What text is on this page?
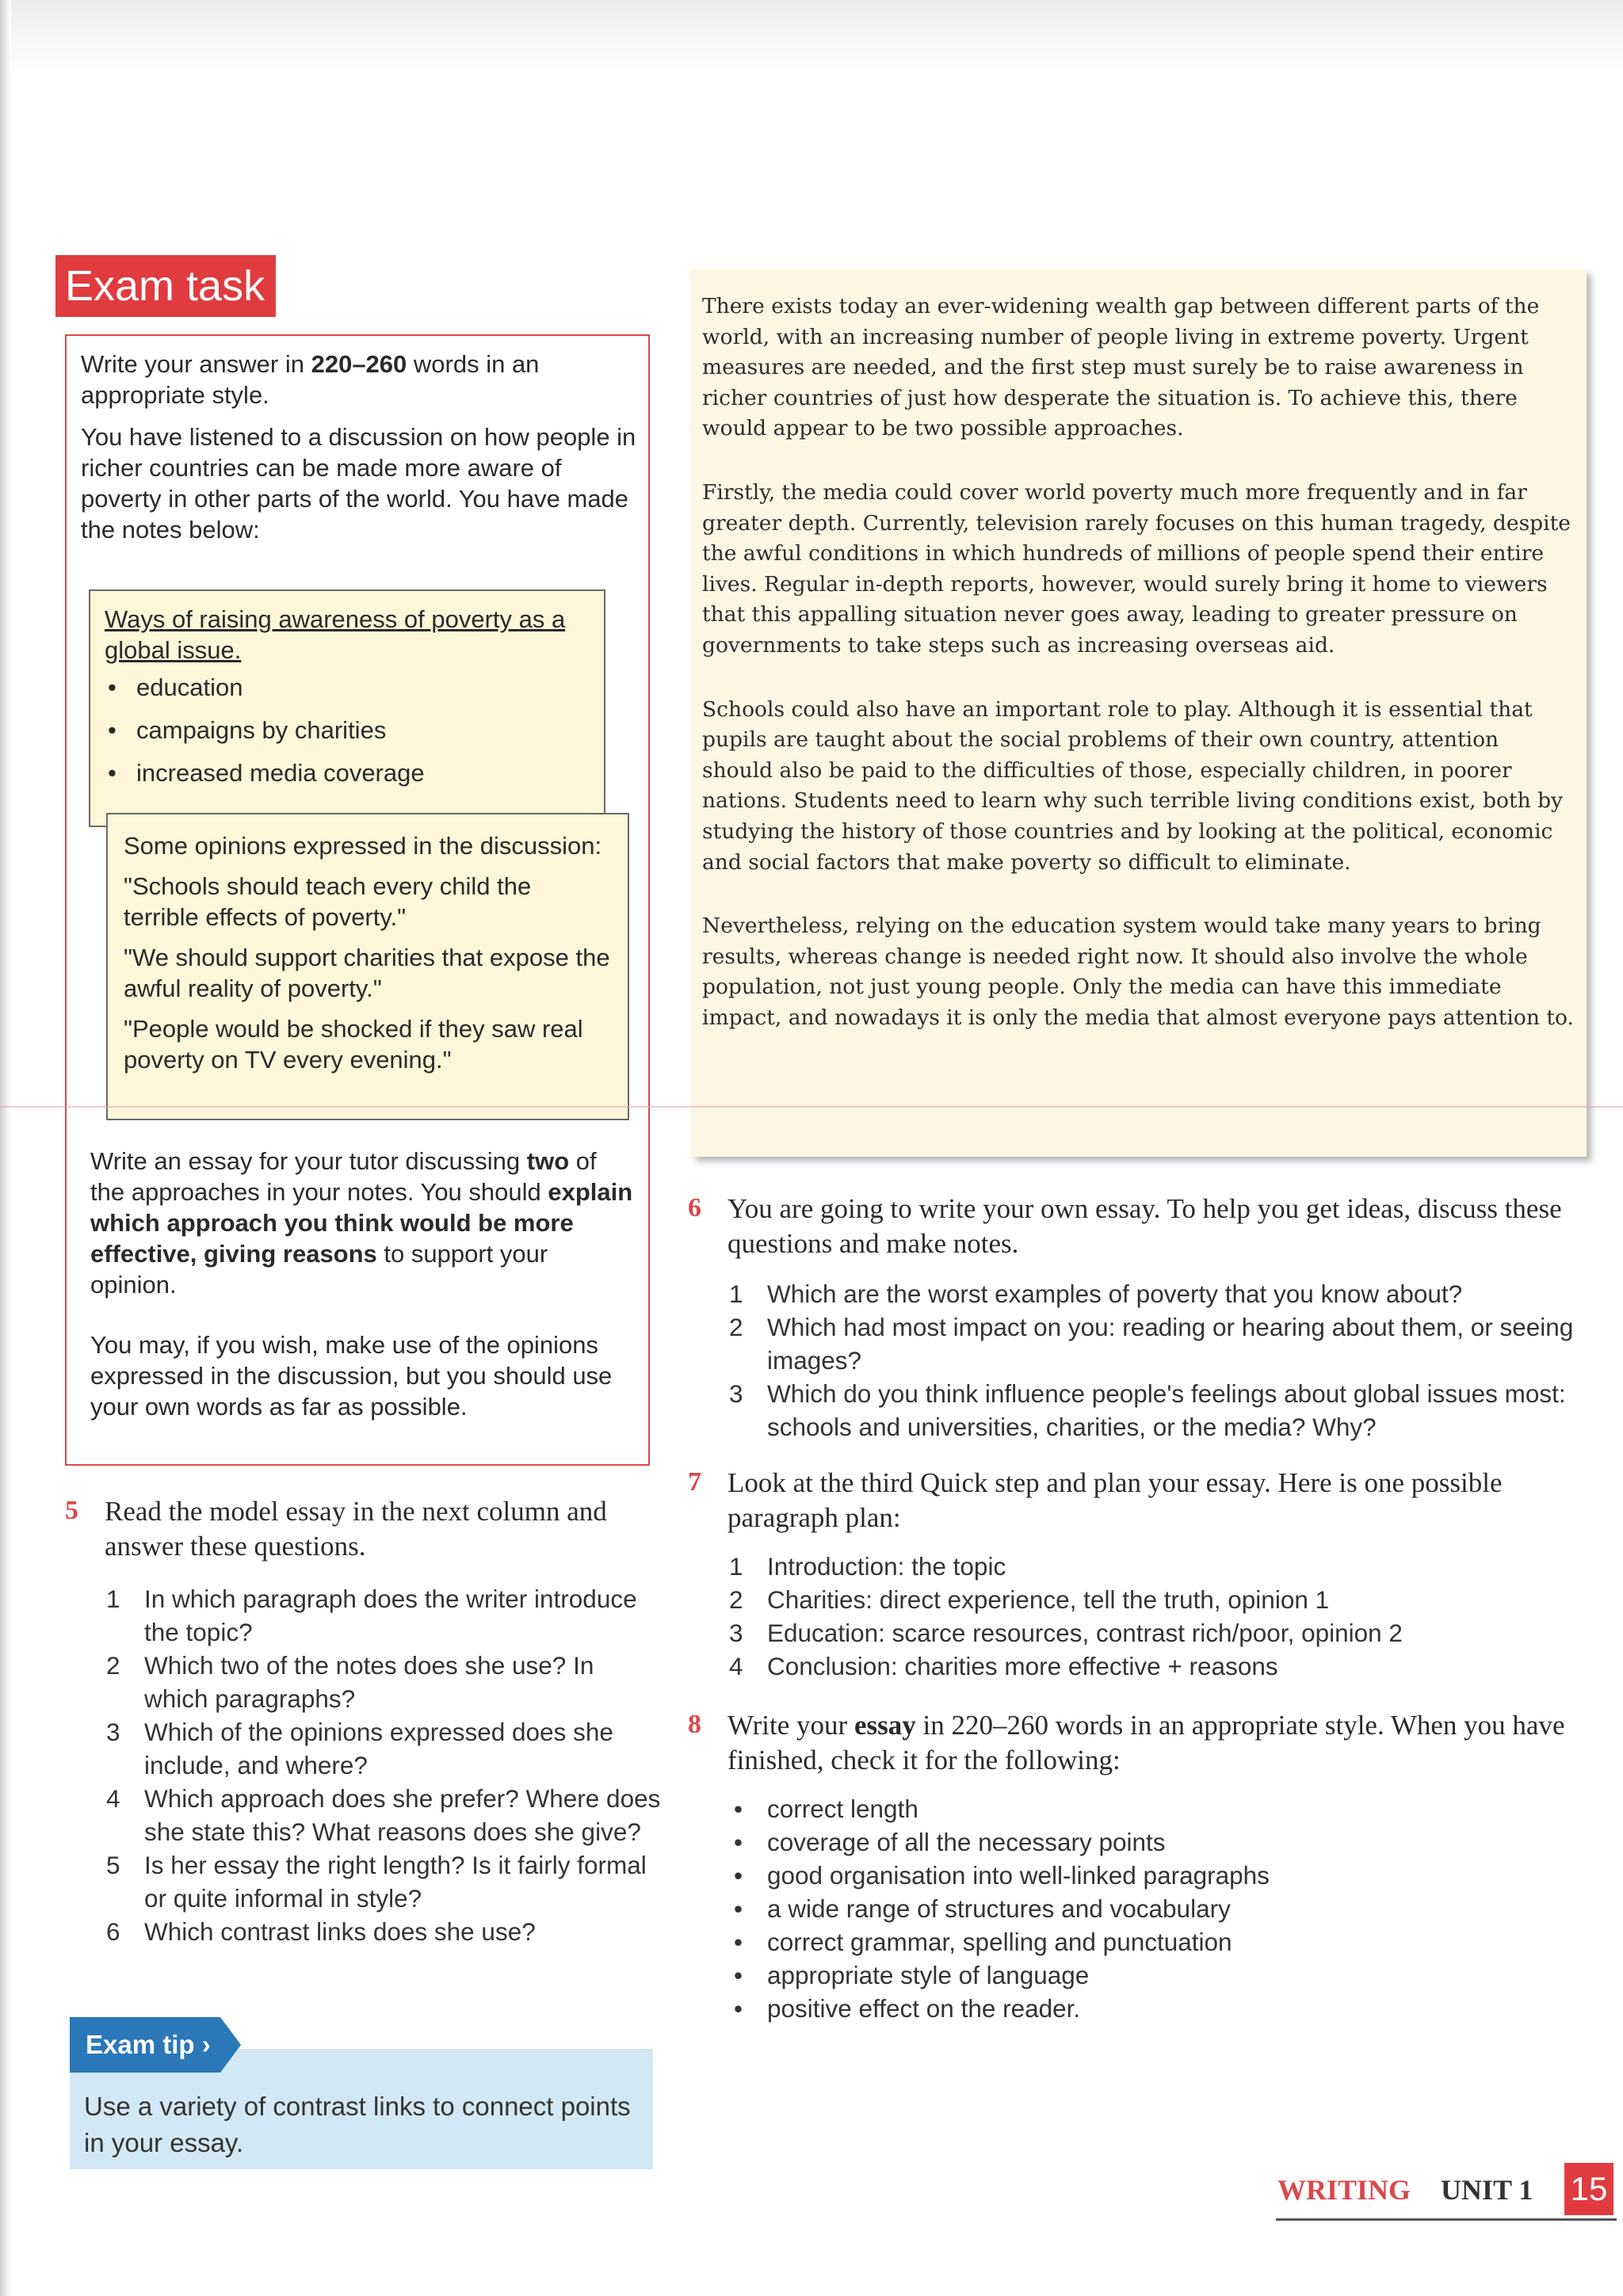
Exam task
Write your answer in 220–260 words in an appropriate style.
You have listened to a discussion on how people in richer countries can be made more aware of poverty in other parts of the world. You have made the notes below:

Ways of raising awareness of poverty as a global issue.

• education
• campaigns by charities
• increased media coverage

Some opinions expressed in the discussion:

"Schools should teach every child the terrible effects of poverty."

"We should support charities that expose the awful reality of poverty."

"People would be shocked if they saw real poverty on TV every evening."

Write an essay for your tutor discussing two of the approaches in your notes. You should explain which approach you think would be more effective, giving reasons to support your opinion.
You may, if you wish, make use of the opinions expressed in the discussion, but you should use your own words as far as possible.
5 Read the model essay in the next column and answer these questions.
1 In which paragraph does the writer introduce the topic?
2 Which two of the notes does she use? In which paragraphs?
3 Which of the opinions expressed does she include, and where?
4 Which approach does she prefer? Where does she state this? What reasons does she give?
5 Is her essay the right length? Is it fairly formal or quite informal in style?
6 Which contrast links does she use?
Exam tip ›
Use a variety of contrast links to connect points in your essay.

There exists today an ever-widening wealth gap between different parts of the world, with an increasing number of people living in extreme poverty. Urgent measures are needed, and the first step must surely be to raise awareness in richer countries of just how desperate the situation is. To achieve this, there would appear to be two possible approaches.

Firstly, the media could cover world poverty much more frequently and in far greater depth. Currently, television rarely focuses on this human tragedy, despite the awful conditions in which hundreds of millions of people spend their entire lives. Regular in-depth reports, however, would surely bring it home to viewers that this appalling situation never goes away, leading to greater pressure on governments to take steps such as increasing overseas aid.

Schools could also have an important role to play. Although it is essential that pupils are taught about the social problems of their own country, attention should also be paid to the difficulties of those, especially children, in poorer nations. Students need to learn why such terrible living conditions exist, both by studying the history of those countries and by looking at the political, economic and social factors that make poverty so difficult to eliminate.

Nevertheless, relying on the education system would take many years to bring results, whereas change is needed right now. It should also involve the whole population, not just young people. Only the media can have this immediate impact, and nowadays it is only the media that almost everyone pays attention to.

6 You are going to write your own essay. To help you get ideas, discuss these questions and make notes.
1 Which are the worst examples of poverty that you know about?
2 Which had most impact on you: reading or hearing about them, or seeing images?
3 Which do you think influence people's feelings about global issues most: schools and universities, charities, or the media? Why?
7 Look at the third Quick step and plan your essay. Here is one possible paragraph plan:
1 Introduction: the topic
2 Charities: direct experience, tell the truth, opinion 1
3 Education: scarce resources, contrast rich/poor, opinion 2
4 Conclusion: charities more effective + reasons
8 Write your essay in 220–260 words in an appropriate style. When you have finished, check it for the following:
• correct length
• coverage of all the necessary points
• good organisation into well-linked paragraphs
• a wide range of structures and vocabulary
• correct grammar, spelling and punctuation
• appropriate style of language
• positive effect on the reader.
WRITING UNIT 1 15
